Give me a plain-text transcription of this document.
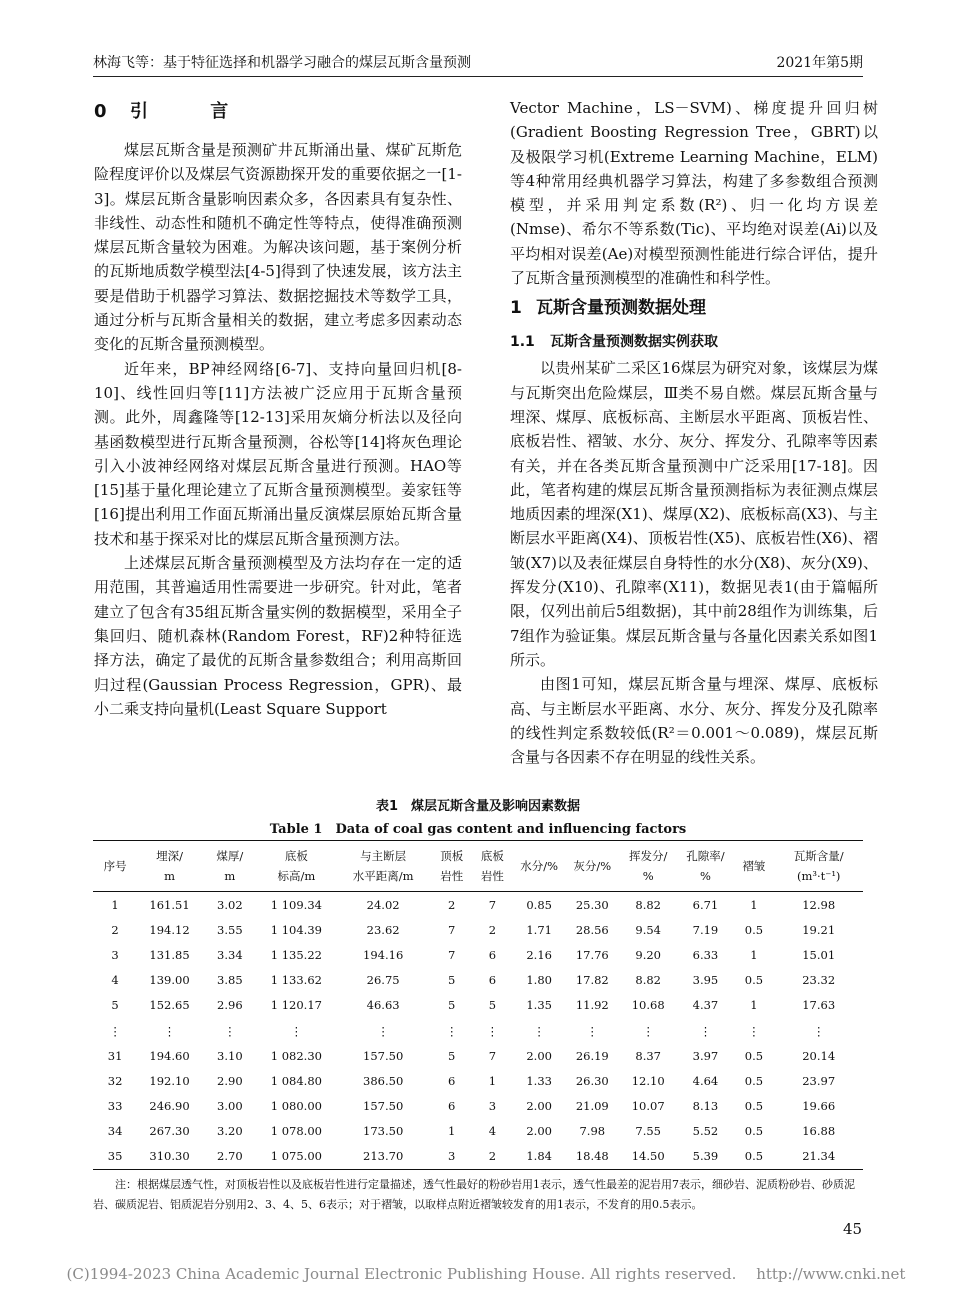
林海飞等：基于特征选择和机器学习融合的煤层瓦斯含量预测	2021年第5期
0 引 言

煤层瓦斯含量是预测矿井瓦斯涌出量、煤矿瓦斯危险程度评价以及煤层气资源勘探开发的重要依据之一[1-3]。煤层瓦斯含量影响因素众多，各因素具有复杂性、非线性、动态性和随机不确定性等特点，使得准确预测煤层瓦斯含量较为困难。为解决该问题，基于案例分析的瓦斯地质数学模型法[4-5]得到了快速发展，该方法主要是借助于机器学习算法、数据挖掘技术等数学工具，通过分析与瓦斯含量相关的数据，建立考虑多因素动态变化的瓦斯含量预测模型。

近年来，BP神经网络[6-7]、支持向量回归机[8-10]、线性回归等[11]方法被广泛应用于瓦斯含量预测。此外，周鑫隆等[12-13]采用灰熵分析法以及径向基函数模型进行瓦斯含量预测，谷松等[14]将灰色理论引入小波神经网络对煤层瓦斯含量进行预测。HAO等[15]基于量化理论建立了瓦斯含量预测模型。姜家钰等[16]提出利用工作面瓦斯涌出量反演煤层原始瓦斯含量技术和基于探采对比的煤层瓦斯含量预测方法。

上述煤层瓦斯含量预测模型及方法均存在一定的适用范围，其普遍适用性需要进一步研究。针对此，笔者建立了包含有35组瓦斯含量实例的数据模型，采用全子集回归、随机森林(Random Forest，RF)2种特征选择方法，确定了最优的瓦斯含量参数组合；利用高斯回归过程(Gaussian Process Regression，GPR)、最小二乘支持向量机(Least Square Support

Vector Machine，LS－SVM)、梯度提升回归树(Gradient Boosting Regression Tree，GBRT)以及极限学习机(Extreme Learning Machine，ELM)等4种常用经典机器学习算法，构建了多参数组合预测模型，并采用判定系数(R²)、归一化均方误差(Nmse)、希尔不等系数(Tic)、平均绝对误差(Ai)以及平均相对误差(Ae)对模型预测性能进行综合评估，提升了瓦斯含量预测模型的准确性和科学性。

1 瓦斯含量预测数据处理
1.1 瓦斯含量预测数据实例获取

以贵州某矿二采区16煤层为研究对象，该煤层为煤与瓦斯突出危险煤层，Ⅲ类不易自燃。煤层瓦斯含量与埋深、煤厚、底板标高、主断层水平距离、顶板岩性、底板岩性、褶皱、水分、灰分、挥发分、孔隙率等因素有关，并在各类瓦斯含量预测中广泛采用[17-18]。因此，笔者构建的煤层瓦斯含量预测指标为表征测点煤层地质因素的埋深(X1)、煤厚(X2)、底板标高(X3)、与主断层水平距离(X4)、顶板岩性(X5)、底板岩性(X6)、褶皱(X7)以及表征煤层自身特性的水分(X8)、灰分(X9)、挥发分(X10)、孔隙率(X11)，数据见表1(由于篇幅所限，仅列出前后5组数据)，其中前28组作为训练集，后7组作为验证集。煤层瓦斯含量与各量化因素关系如图1所示。

由图1可知，煤层瓦斯含量与埋深、煤厚、底板标高、与主断层水平距离、水分、灰分、挥发分及孔隙率的线性判定系数较低(R²＝0.001～0.089)，煤层瓦斯含量与各因素不存在明显的线性关系。

表1　煤层瓦斯含量及影响因素数据
Table 1　Data of coal gas content and influencing factors
序号	埋深/
m	煤厚/
m	底板
标高/m	与主断层
水平距离/m	顶板
岩性	底板
岩性	水分/%	灰分/%	挥发分/
%	孔隙率/
%	褶皱	瓦斯含量/
(m³·t⁻¹)
1	161.51	3.02	1 109.34	24.02	2	7	0.85	25.30	8.82	6.71	1	12.98
2	194.12	3.55	1 104.39	23.62	7	2	1.71	28.56	9.54	7.19	0.5	19.21
3	131.85	3.34	1 135.22	194.16	7	6	2.16	17.76	9.20	6.33	1	15.01
4	139.00	3.85	1 133.62	26.75	5	6	1.80	17.82	8.82	3.95	0.5	23.32
5	152.65	2.96	1 120.17	46.63	5	5	1.35	11.92	10.68	4.37	1	17.63
⋮	⋮	⋮	⋮	⋮	⋮	⋮	⋮	⋮	⋮	⋮	⋮	⋮
31	194.60	3.10	1 082.30	157.50	5	7	2.00	26.19	8.37	3.97	0.5	20.14
32	192.10	2.90	1 084.80	386.50	6	1	1.33	26.30	12.10	4.64	0.5	23.97
33	246.90	3.00	1 080.00	157.50	6	3	2.00	21.09	10.07	8.13	0.5	19.66
34	267.30	3.20	1 078.00	173.50	1	4	2.00	7.98	7.55	5.52	0.5	16.88
35	310.30	2.70	1 075.00	213.70	3	2	1.84	18.48	14.50	5.39	0.5	21.34
注：根据煤层透气性，对顶板岩性以及底板岩性进行定量描述，透气性最好的粉砂岩用1表示，透气性最差的泥岩用7表示，细砂岩、泥质粉砂岩、砂质泥岩、碳质泥岩、铝质泥岩分别用2、3、4、5、6表示；对于褶皱，以取样点附近褶皱较发育的用1表示，不发育的用0.5表示。
45
(C)1994-2023 China Academic Journal Electronic Publishing House. All rights reserved.　 http://www.cnki.net
